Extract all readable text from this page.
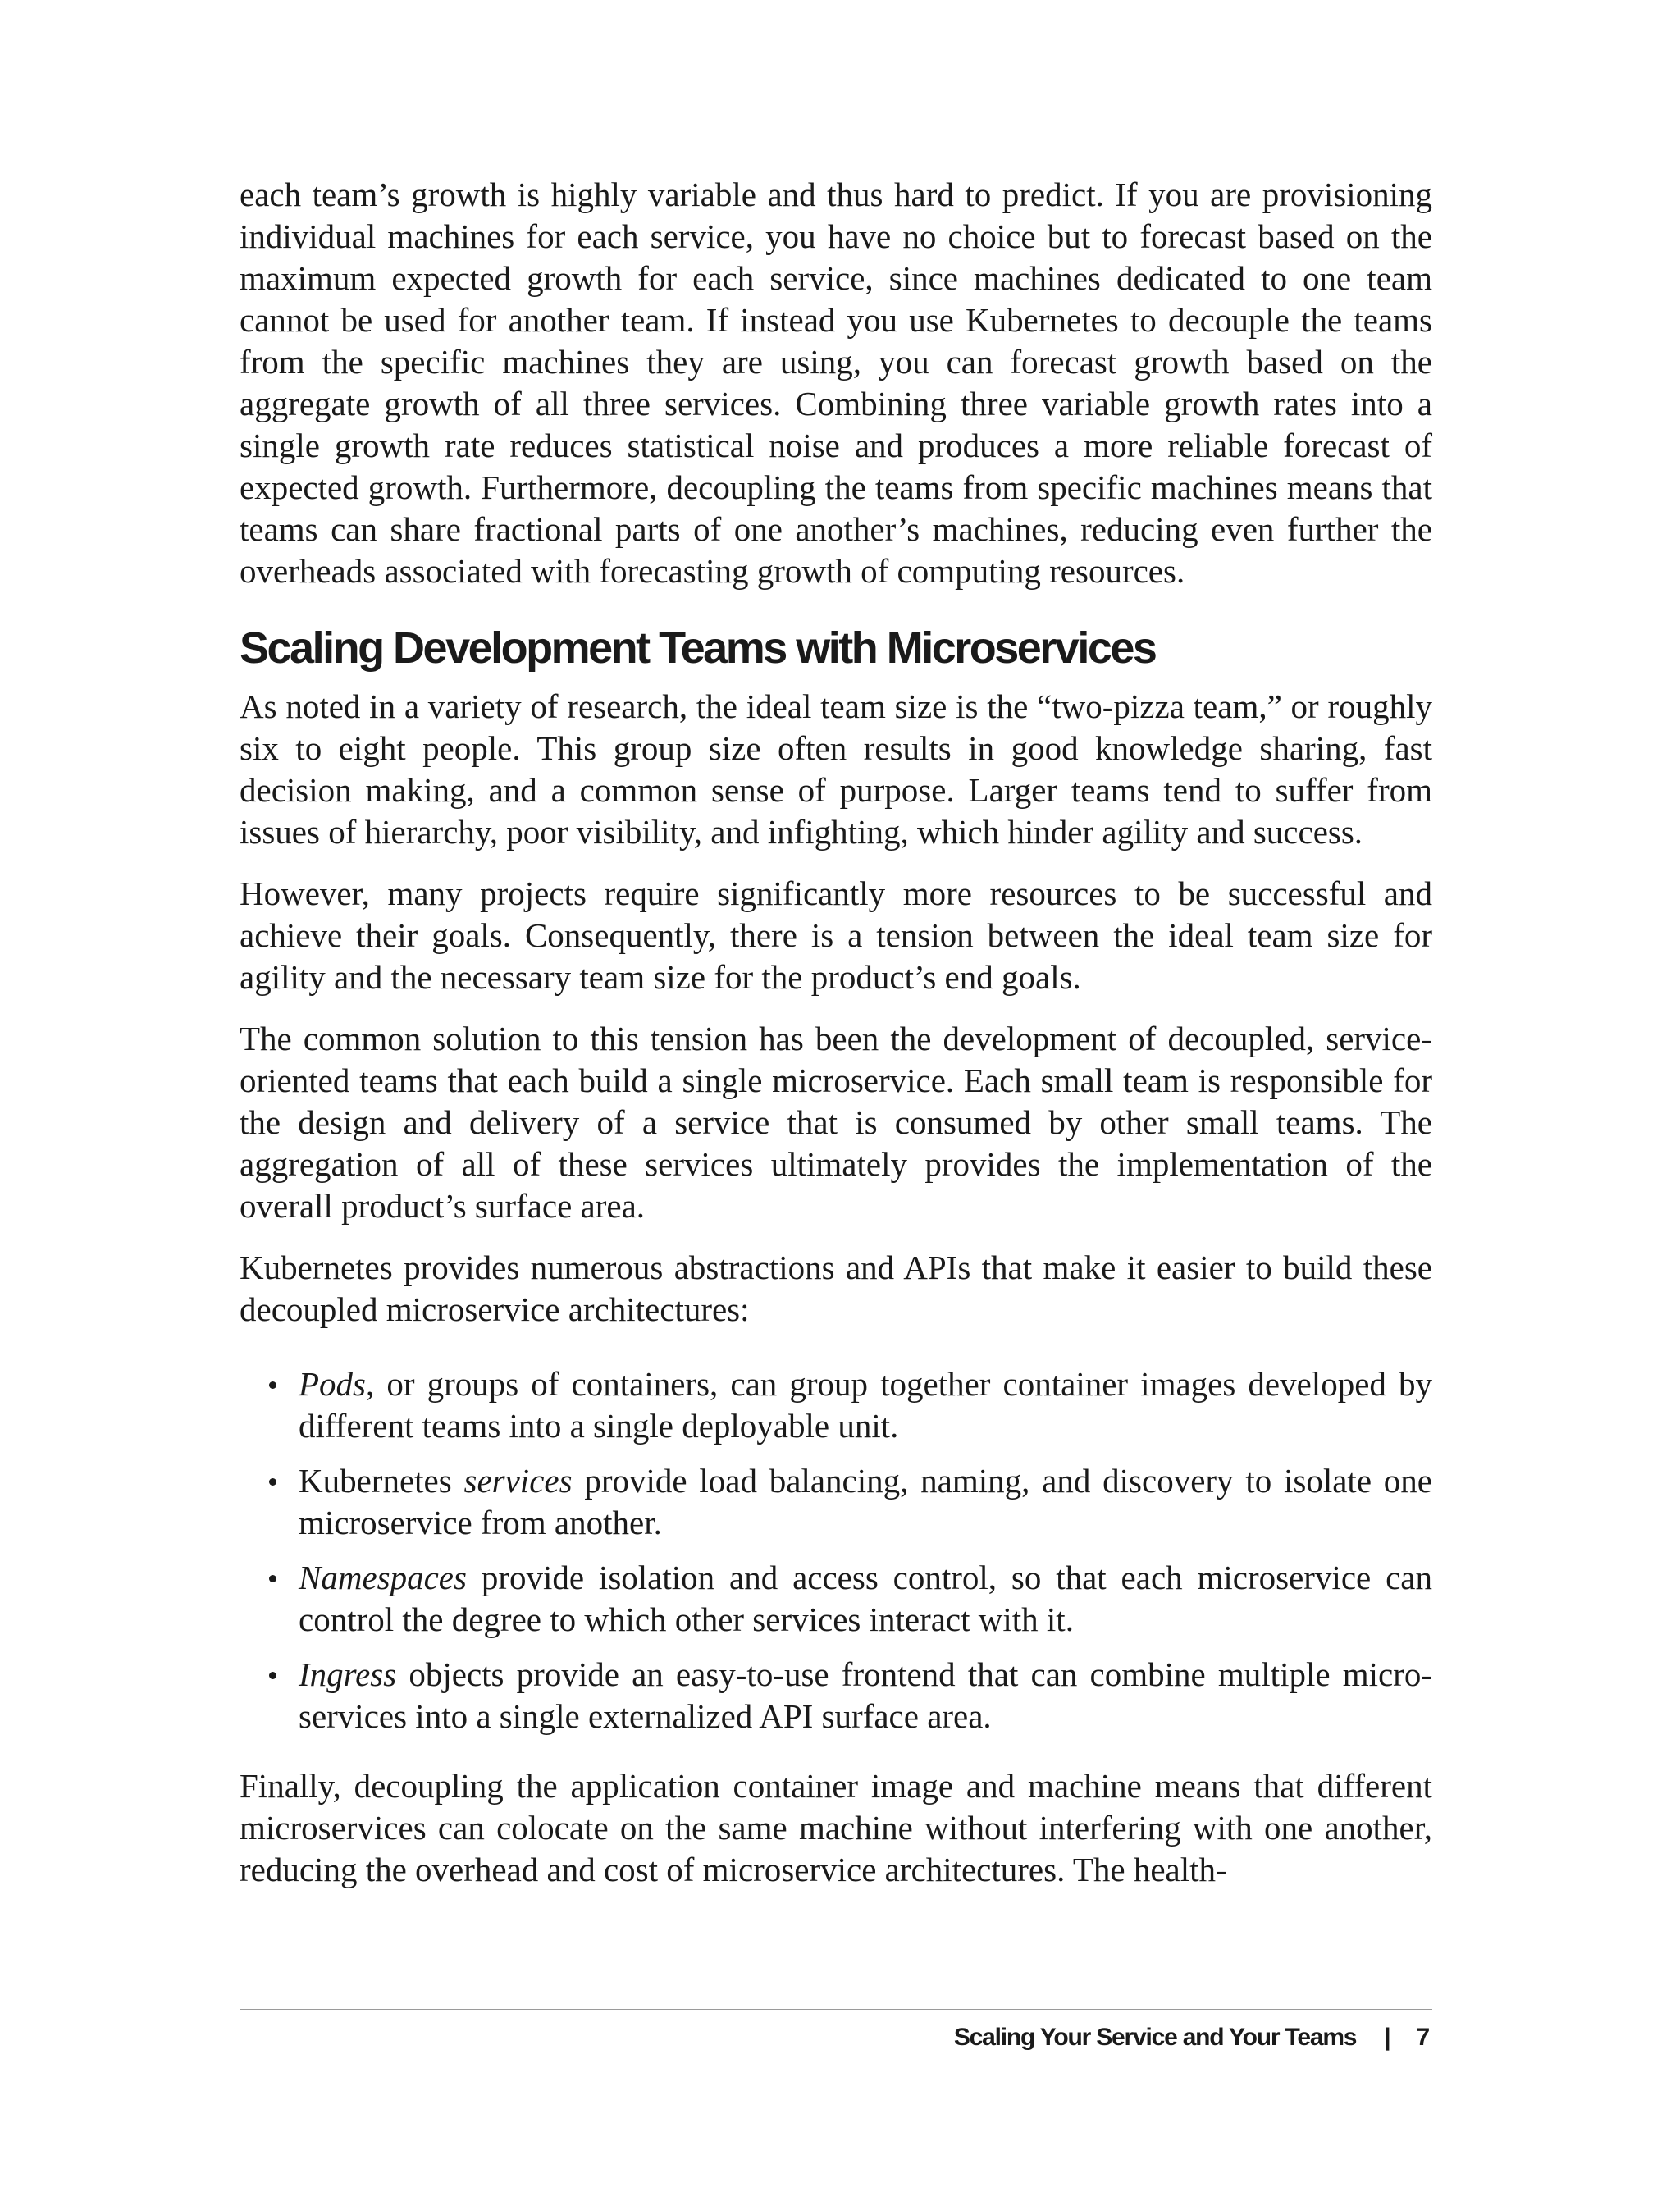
each team’s growth is highly variable and thus hard to predict. If you are provisioning individual machines for each service, you have no choice but to forecast based on the maximum expected growth for each service, since machines dedicated to one team cannot be used for another team. If instead you use Kubernetes to decouple the teams from the specific machines they are using, you can forecast growth based on the aggregate growth of all three services. Combining three variable growth rates into a single growth rate reduces statistical noise and produces a more reliable forecast of expected growth. Furthermore, decoupling the teams from specific machines means that teams can share fractional parts of one another’s machines, reducing even further the overheads associated with forecasting growth of computing resources.

Scaling Development Teams with Microservices

As noted in a variety of research, the ideal team size is the “two-pizza team,” or roughly six to eight people. This group size often results in good knowledge sharing, fast decision making, and a common sense of purpose. Larger teams tend to suffer from issues of hierarchy, poor visibility, and infighting, which hinder agility and success.

However, many projects require significantly more resources to be successful and achieve their goals. Consequently, there is a tension between the ideal team size for agility and the necessary team size for the product’s end goals.

The common solution to this tension has been the development of decoupled, service-oriented teams that each build a single microservice. Each small team is responsible for the design and delivery of a service that is consumed by other small teams. The aggregation of all of these services ultimately provides the implementation of the overall product’s surface area.

Kubernetes provides numerous abstractions and APIs that make it easier to build these decoupled microservice architectures:

Pods, or groups of containers, can group together container images developed by different teams into a single deployable unit.
Kubernetes services provide load balancing, naming, and discovery to isolate one microservice from another.
Namespaces provide isolation and access control, so that each microservice can control the degree to which other services interact with it.
Ingress objects provide an easy-to-use frontend that can combine multiple microservices into a single externalized API surface area.

Finally, decoupling the application container image and machine means that different microservices can colocate on the same machine without interfering with one another, reducing the overhead and cost of microservice architectures. The health-

Scaling Your Service and Your Teams | 7
